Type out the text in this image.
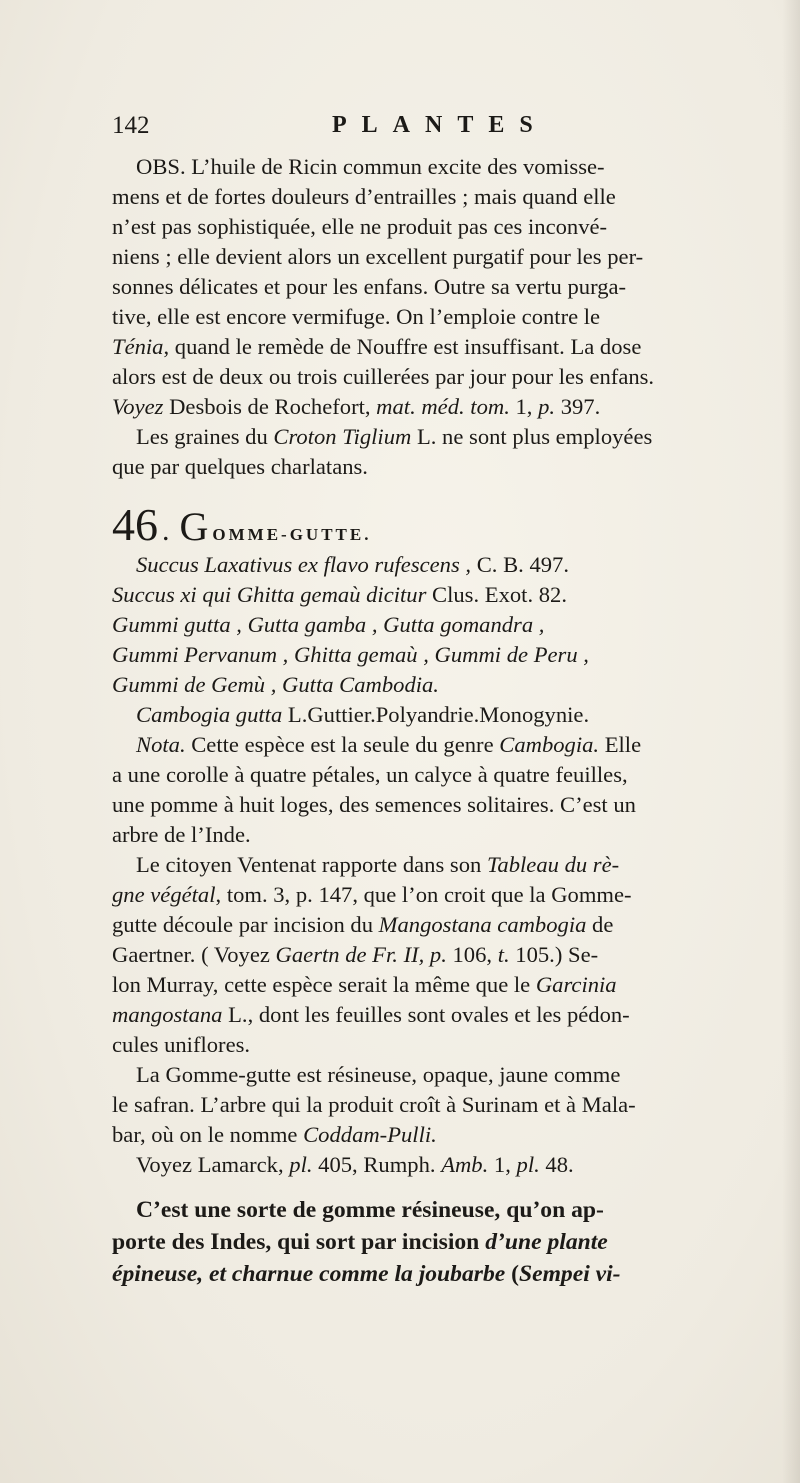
142	PLANTES

OBS. L’huile de Ricin commun excite des vomisse-

mens et de fortes douleurs d’entrailles ; mais quand elle

n’est pas sophistiquée, elle ne produit pas ces inconvé-

niens ; elle devient alors un excellent purgatif pour les per-

sonnes délicates et pour les enfans. Outre sa vertu purga-

tive, elle est encore vermifuge. On l’emploie contre le

Ténia, quand le remède de Nouffre est insuffisant. La dose

alors est de deux ou trois cuillerées par jour pour les enfans.

Voyez Desbois de Rochefort, mat. méd. tom. 1, p. 397.

Les graines du Croton Tiglium L. ne sont plus employées

que par quelques charlatans.

46 . G OMME-GUTTE.

Succus Laxativus ex flavo rufescens , C. B. 497.

Succus xi qui Ghitta gemaù dicitur Clus. Exot. 82.

Gummi gutta , Gutta gamba , Gutta gomandra ,

Gummi Pervanum , Ghitta gemaù , Gummi de Peru ,

Gummi de Gemù , Gutta Cambodia.

Cambogia gutta L.Guttier.Polyandrie.Monogynie.

Nota. Cette espèce est la seule du genre Cambogia. Elle

a une corolle à quatre pétales, un calyce à quatre feuilles,

une pomme à huit loges, des semences solitaires. C’est un

arbre de l’Inde.

Le citoyen Ventenat rapporte dans son Tableau du rè-

gne végétal, tom. 3, p. 147, que l’on croit que la Gomme-

gutte découle par incision du Mangostana cambogia de

Gaertner. ( Voyez Gaertn de Fr. II, p. 106, t. 105.) Se-

lon Murray, cette espèce serait la même que le Garcinia

mangostana L., dont les feuilles sont ovales et les pédon-

cules uniflores.

La Gomme-gutte est résineuse, opaque, jaune comme

le safran. L’arbre qui la produit croît à Surinam et à Mala-

bar, où on le nomme Coddam-Pulli.

Voyez Lamarck, pl. 405, Rumph. Amb. 1, pl. 48.

C’est une sorte de gomme résineuse, qu’on ap-

porte des Indes, qui sort par incision d’une plante

épineuse, et charnue comme la joubarbe (Sempei vi-
